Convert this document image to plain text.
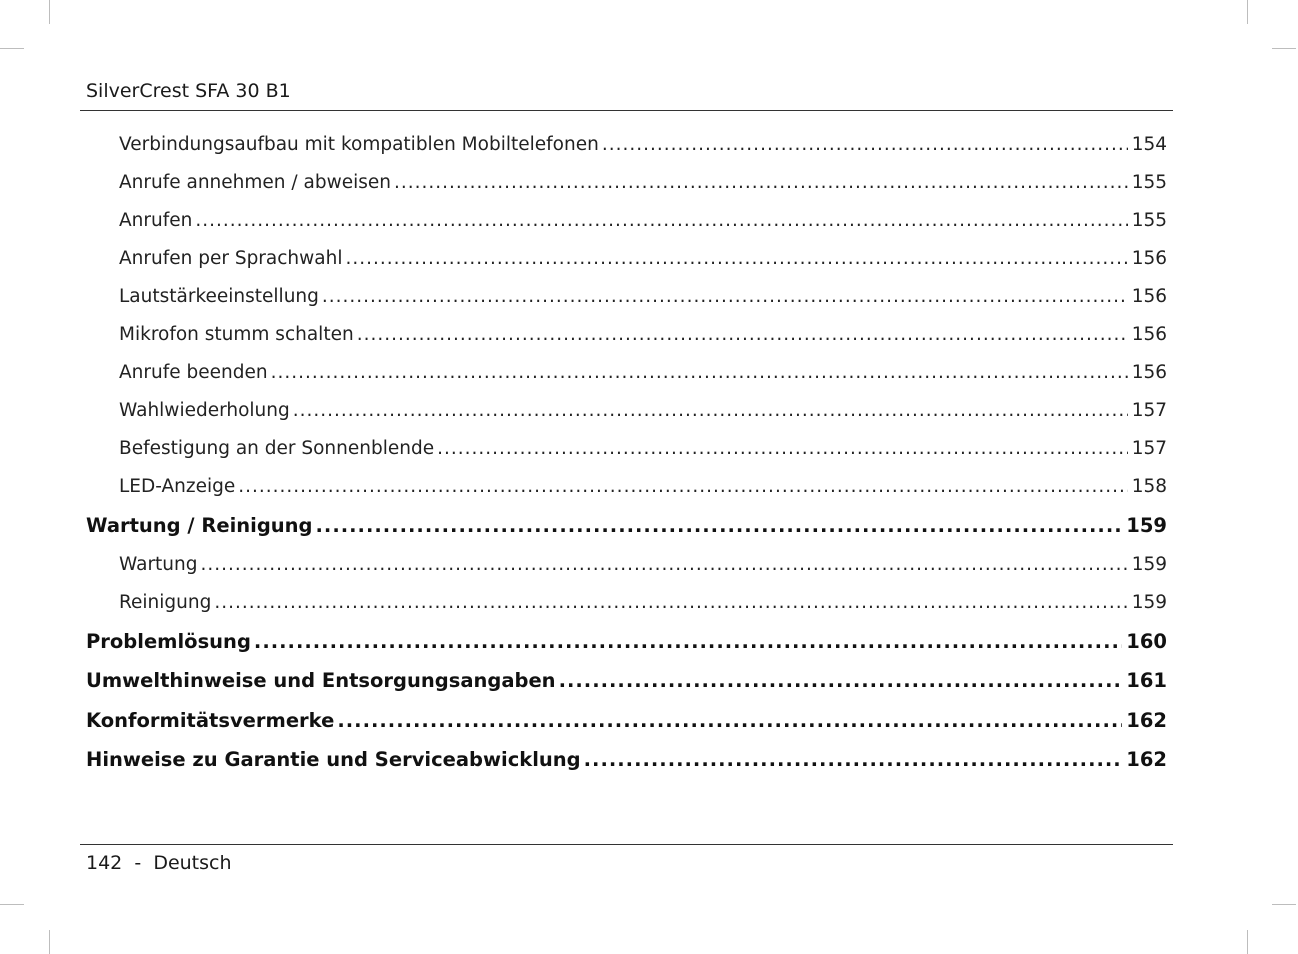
SilverCrest SFA 30 B1
Verbindungsaufbau mit kompatiblen Mobiltelefonen .....	154
Anrufe annehmen / abweisen .....	155
Anrufen .....	155
Anrufen per Sprachwahl .....	156
Lautstärkeeinstellung .....	156
Mikrofon stumm schalten .....	156
Anrufe beenden .....	156
Wahlwiederholung .....	157
Befestigung an der Sonnenblende .....	157
LED-Anzeige .....	158
Wartung / Reinigung .....	159
Wartung .....	159
Reinigung .....	159
Problemlösung .....	160
Umwelthinweise und Entsorgungsangaben .....	161
Konformitätsvermerke .....	162
Hinweise zu Garantie und Serviceabwicklung .....	162
142 - Deutsch
